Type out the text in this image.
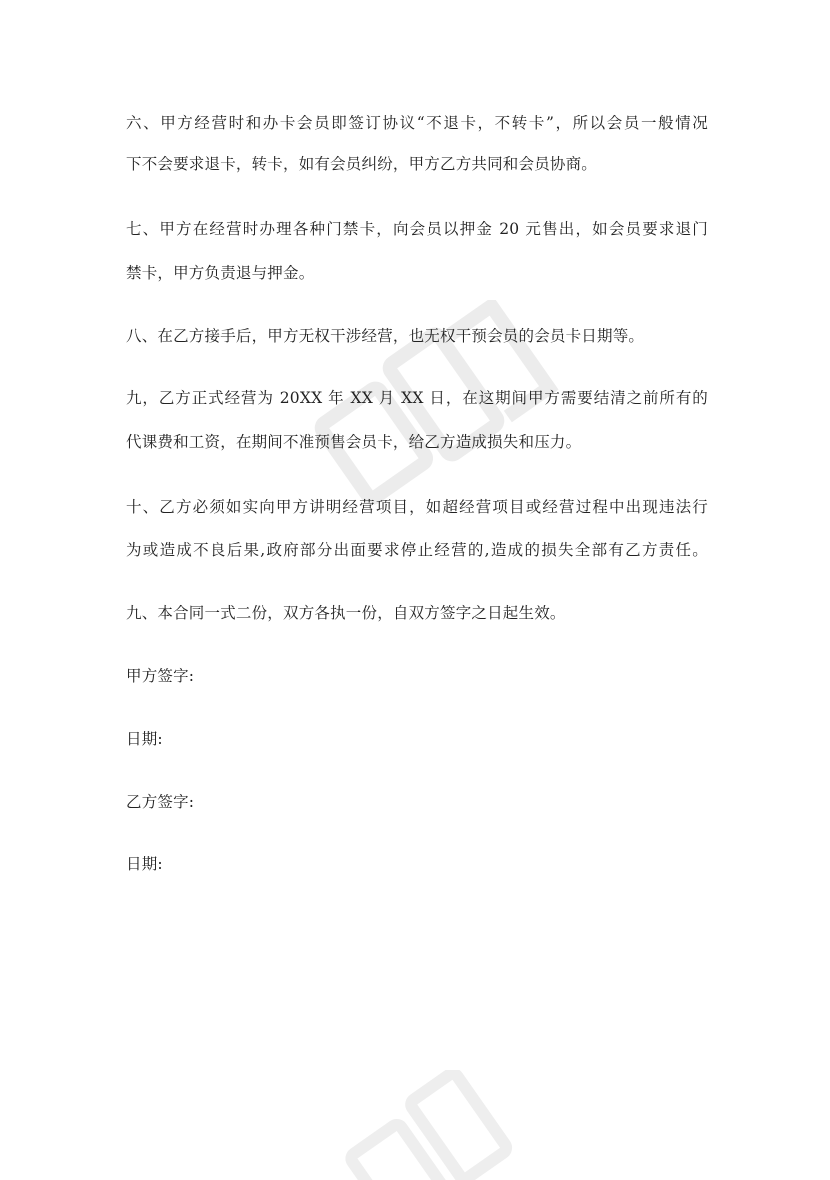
六、甲方经营时和办卡会员即签订协议“不退卡，不转卡”，所以会员一般情况
下不会要求退卡，转卡，如有会员纠纷，甲方乙方共同和会员协商。
七、甲方在经营时办理各种门禁卡，向会员以押金 20 元售出，如会员要求退门
禁卡，甲方负责退与押金。
八、在乙方接手后，甲方无权干涉经营，也无权干预会员的会员卡日期等。
九，乙方正式经营为 20XX 年 XX 月 XX 日，在这期间甲方需要结清之前所有的
代课费和工资，在期间不准预售会员卡，给乙方造成损失和压力。
十、乙方必须如实向甲方讲明经营项目，如超经营项目或经营过程中出现违法行
为或造成不良后果,政府部分出面要求停止经营的,造成的损失全部有乙方责任。
九、本合同一式二份，双方各执一份，自双方签字之日起生效。
甲方签字:
日期:
乙方签字:
日期:
